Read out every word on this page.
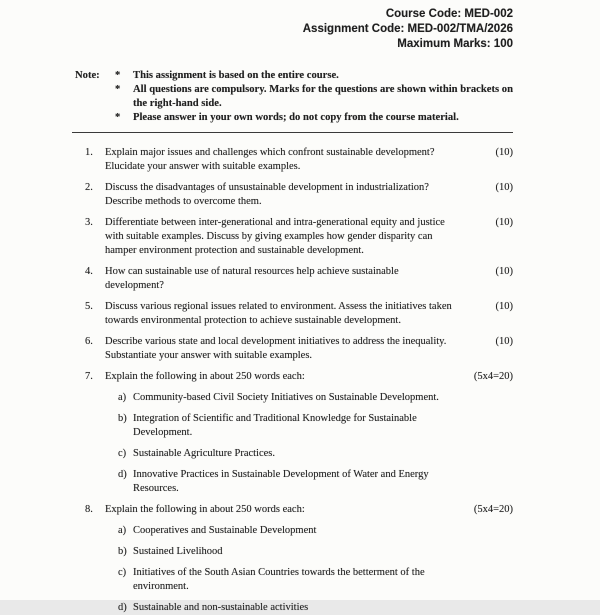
Course Code: MED-002
Assignment Code: MED-002/TMA/2026
Maximum Marks: 100
Note:	*	This assignment is based on the entire course.
*	All questions are compulsory. Marks for the questions are shown within brackets on the right-hand side.
*	Please answer in your own words; do not copy from the course material.
1.	Explain major issues and challenges which confront sustainable development? Elucidate your answer with suitable examples.
(10)
2.	Discuss the disadvantages of unsustainable development in industrialization? Describe methods to overcome them.
(10)
3.	Differentiate between inter-generational and intra-generational equity and justice with suitable examples. Discuss by giving examples how gender disparity can hamper environment protection and sustainable development.
(10)
4.	How can sustainable use of natural resources help achieve sustainable development?
(10)
5.	Discuss various regional issues related to environment. Assess the initiatives taken towards environmental protection to achieve sustainable development.
(10)
6.	Describe various state and local development initiatives to address the inequality. Substantiate your answer with suitable examples.
(10)
7.	Explain the following in about 250 words each:
a) Community-based Civil Society Initiatives on Sustainable Development.
b) Integration of Scientific and Traditional Knowledge for Sustainable Development.
c) Sustainable Agriculture Practices.
d) Innovative Practices in Sustainable Development of Water and Energy Resources.
(5x4=20)
8.	Explain the following in about 250 words each:
a) Cooperatives and Sustainable Development
b) Sustained Livelihood
c) Initiatives of the South Asian Countries towards the betterment of the environment.
d) Sustainable and non-sustainable activities
(5x4=20)
